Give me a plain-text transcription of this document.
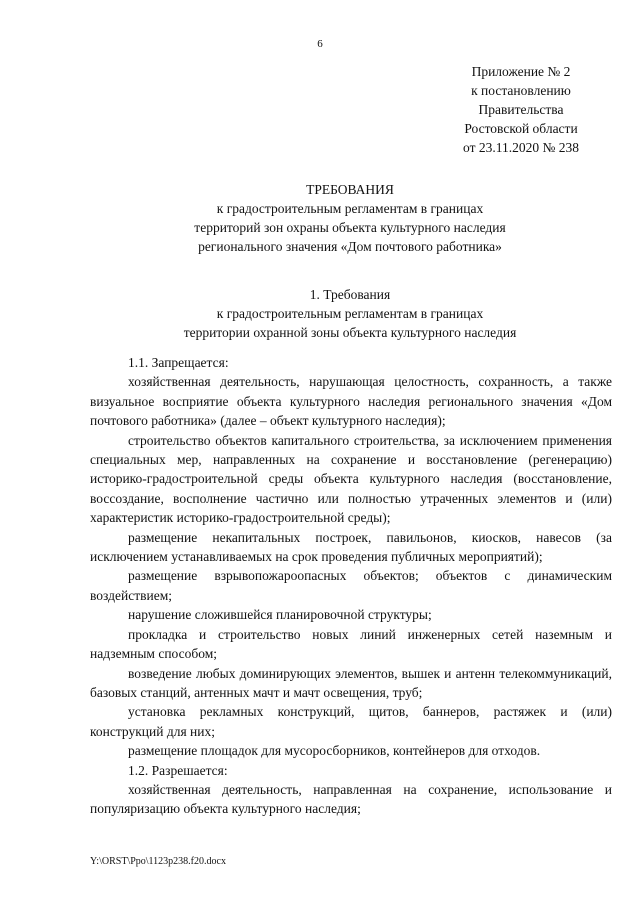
6
Приложение № 2
к постановлению
Правительства
Ростовской области
от 23.11.2020 № 238
ТРЕБОВАНИЯ
к градостроительным регламентам в границах
территорий зон охраны объекта культурного наследия
регионального значения «Дом почтового работника»
1. Требования
к градостроительным регламентам в границах
территории охранной зоны объекта культурного наследия

1.1. Запрещается:

хозяйственная деятельность, нарушающая целостность, сохранность, а также визуальное восприятие объекта культурного наследия регионального значения «Дом почтового работника» (далее – объект культурного наследия);

строительство объектов капитального строительства, за исключением применения специальных мер, направленных на сохранение и восстановление (регенерацию) историко-градостроительной среды объекта культурного наследия (восстановление, воссоздание, восполнение частично или полностью утраченных элементов и (или) характеристик историко-градостроительной среды);

размещение некапитальных построек, павильонов, киосков, навесов (за исключением устанавливаемых на срок проведения публичных мероприятий);

размещение взрывопожароопасных объектов; объектов с динамическим воздействием;

нарушение сложившейся планировочной структуры;

прокладка и строительство новых линий инженерных сетей наземным и надземным способом;

возведение любых доминирующих элементов, вышек и антенн телекоммуникаций, базовых станций, антенных мачт и мачт освещения, труб;

установка рекламных конструкций, щитов, баннеров, растяжек и (или) конструкций для них;

размещение площадок для мусоросборников, контейнеров для отходов.

1.2. Разрешается:

хозяйственная деятельность, направленная на сохранение, использование и популяризацию объекта культурного наследия;

Y:\ORST\Ppo\1123p238.f20.docx
